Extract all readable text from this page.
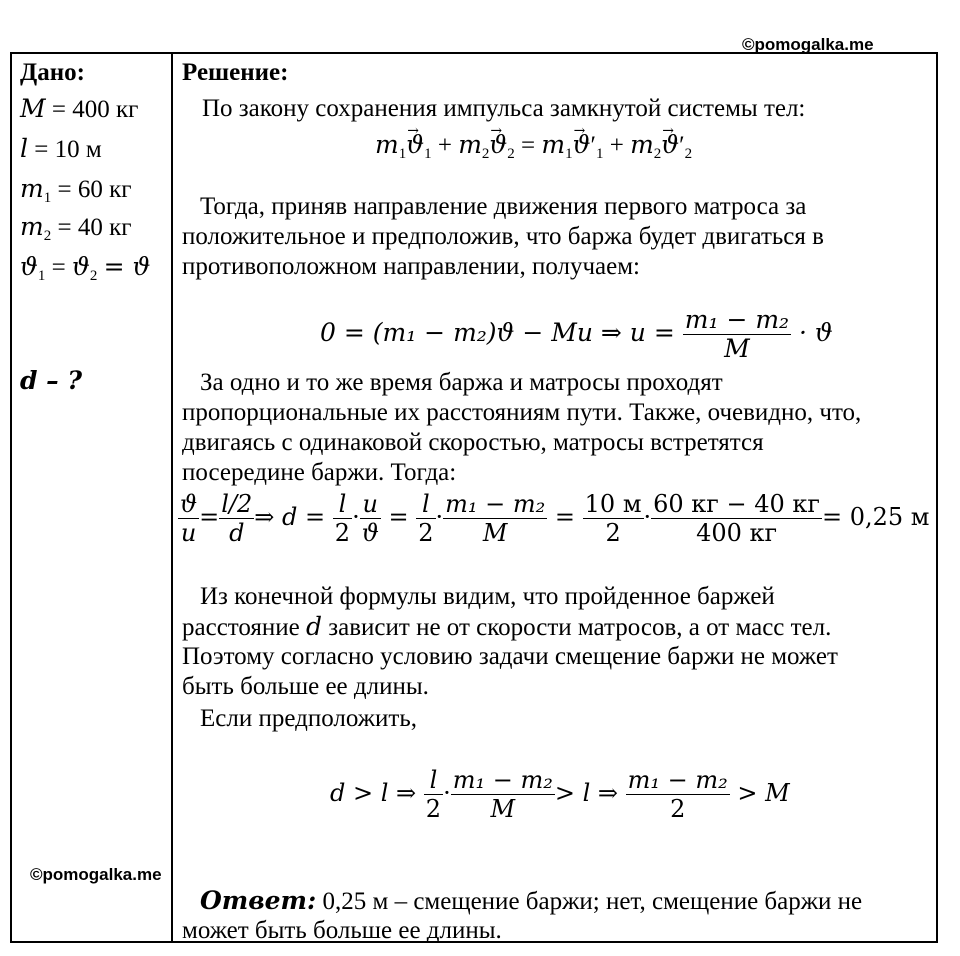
©pomogalka.me
Дано:
M = 400 кг
l = 10 м
$m_1 = 60$ кг
$m_2 = 40$ кг
$ϑ_1 = ϑ_2 = ϑ$
d – ?
Решение:
По закону сохранения импульса замкнутой системы тел:
$m_1\to ϑ_1 + m_2\to ϑ_2 = m_1\to ϑ'_1 + m_2\to ϑ'_2$
Тогда, приняв направление движения первого матроса за
положительное и предположив, что баржа будет двигаться в
противоположном направлении, получаем:
0 = (m₁ − m₂)ϑ − Mu ⇒ $u = \frac{\text{m₁ − m₂}}{M} \cdot ϑ$
За одно и то же время баржа и матросы проходят
пропорциональные их расстояниям пути. Также, очевидно, что,
двигаясь с одинаковой скоростью, матросы встретятся
посередине баржи. Тогда:
$\frac{ϑ}{u} = \frac{l/2}{d}$ ⇒ $d = \frac{l}{2} \cdot \frac{u}{ϑ} = \frac{l}{2} \cdot \frac{\text{m₁ − m₂}}{M} = \frac{10 м}{2} \cdot \frac{60 кг - 40 кг}{400 кг} = 0,25$ м
Из конечной формулы видим, что пройденное баржей
расстояние d зависит не от скорости матросов, а от масс тел.
Поэтому согласно условию задачи смещение баржи не может
быть больше ее длины.
Если предположить,
d > l ⇒ $\frac{l}{2} \cdot \frac{\text{m₁ − m₂}}{M} > l$ ⇒ $\frac{\text{m₁ − m₂}}{2} > M$
©pomogalka.me
Ответ: 0,25 м – смещение баржи; нет, смещение баржи не
может быть больше ее длины.
